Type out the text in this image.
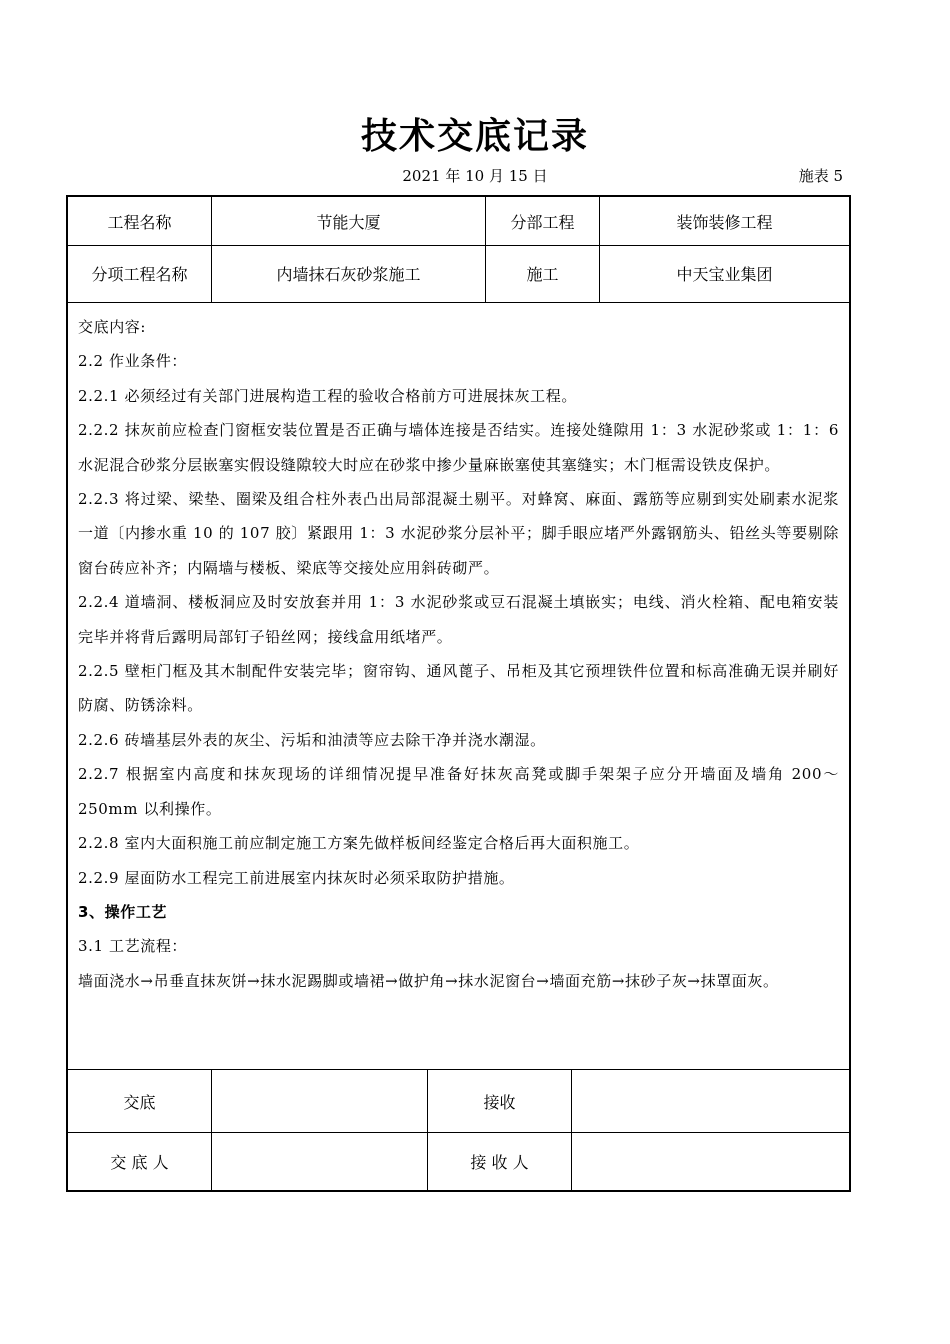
技术交底记录
2021 年 10 月 15 日	施表 5
工程名称	节能大厦	分部工程	装饰装修工程
分项工程名称	内墙抹石灰砂浆施工	施工	中天宝业集团

交底内容:

2.2 作业条件：

2.2.1 必须经过有关部门进展构造工程的验收合格前方可进展抹灰工程。

2.2.2 抹灰前应检查门窗框安装位置是否正确与墙体连接是否结实。连接处缝隙用 1：3 水泥砂浆或 1：1：6 水泥混合砂浆分层嵌塞实假设缝隙较大时应在砂浆中掺少量麻嵌塞使其塞缝实；木门框需设铁皮保护。

2.2.3 将过梁、梁垫、圈梁及组合柱外表凸出局部混凝土剔平。对蜂窝、麻面、露筋等应剔到实处刷素水泥浆一道〔内掺水重 10 的 107 胶〕紧跟用 1：3 水泥砂浆分层补平；脚手眼应堵严外露钢筋头、铅丝头等要剔除窗台砖应补齐；内隔墙与楼板、梁底等交接处应用斜砖砌严。

2.2.4 道墙洞、楼板洞应及时安放套并用 1：3 水泥砂浆或豆石混凝土填嵌实；电线、消火栓箱、配电箱安装完毕并将背后露明局部钉子铅丝网；接线盒用纸堵严。

2.2.5 壁柜门框及其木制配件安装完毕；窗帘钩、通风蓖子、吊柜及其它预埋铁件位置和标高准确无误并刷好防腐、防锈涂料。

2.2.6 砖墙基层外表的灰尘、污垢和油渍等应去除干净并浇水潮湿。

2.2.7 根据室内高度和抹灰现场的详细情况提早准备好抹灰高凳或脚手架架子应分开墙面及墙角 200～250mm 以利操作。

2.2.8 室内大面积施工前应制定施工方案先做样板间经鉴定合格后再大面积施工。

2.2.9 屋面防水工程完工前进展室内抹灰时必须采取防护措施。

3、操作工艺

3.1 工艺流程：

墙面浇水→吊垂直抹灰饼→抹水泥踢脚或墙裙→做护角→抹水泥窗台→墙面充筋→抹砂子灰→抹罩面灰。

交底	接收
交 底 人	接 收 人
